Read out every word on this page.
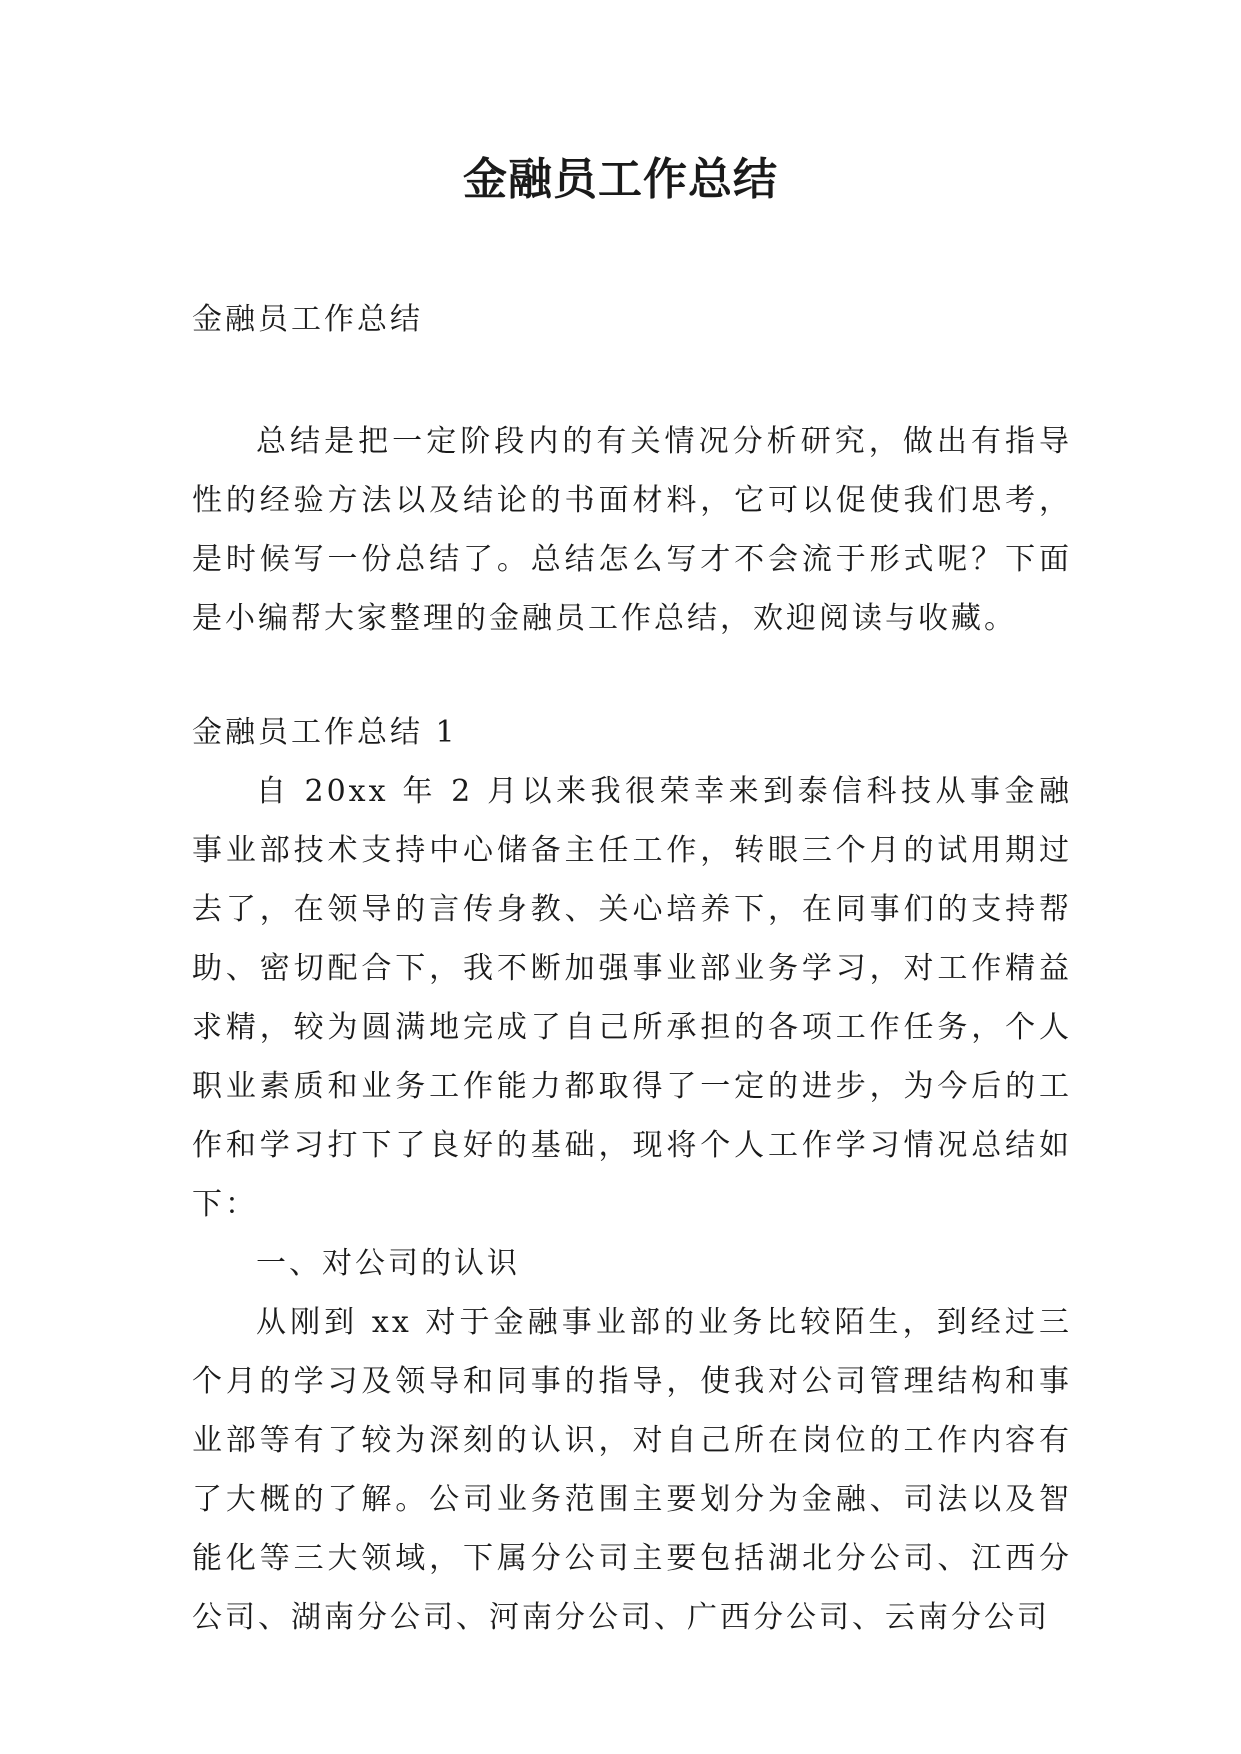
金融员工作总结

金融员工作总结

总结是把一定阶段内的有关情况分析研究，做出有指导性的经验方法以及结论的书面材料，它可以促使我们思考，是时候写一份总结了。总结怎么写才不会流于形式呢？下面是小编帮大家整理的金融员工作总结，欢迎阅读与收藏。

金融员工作总结 1

自 20xx 年 2 月以来我很荣幸来到泰信科技从事金融事业部技术支持中心储备主任工作，转眼三个月的试用期过去了，在领导的言传身教、关心培养下，在同事们的支持帮助、密切配合下，我不断加强事业部业务学习，对工作精益求精，较为圆满地完成了自己所承担的各项工作任务，个人职业素质和业务工作能力都取得了一定的进步，为今后的工作和学习打下了良好的基础，现将个人工作学习情况总结如下：

一、对公司的认识

从刚到 xx 对于金融事业部的业务比较陌生，到经过三个月的学习及领导和同事的指导，使我对公司管理结构和事业部等有了较为深刻的认识，对自己所在岗位的工作内容有了大概的了解。公司业务范围主要划分为金融、司法以及智能化等三大领域，下属分公司主要包括湖北分公司、江西分公司、湖南分公司、河南分公司、广西分公司、云南分公司
